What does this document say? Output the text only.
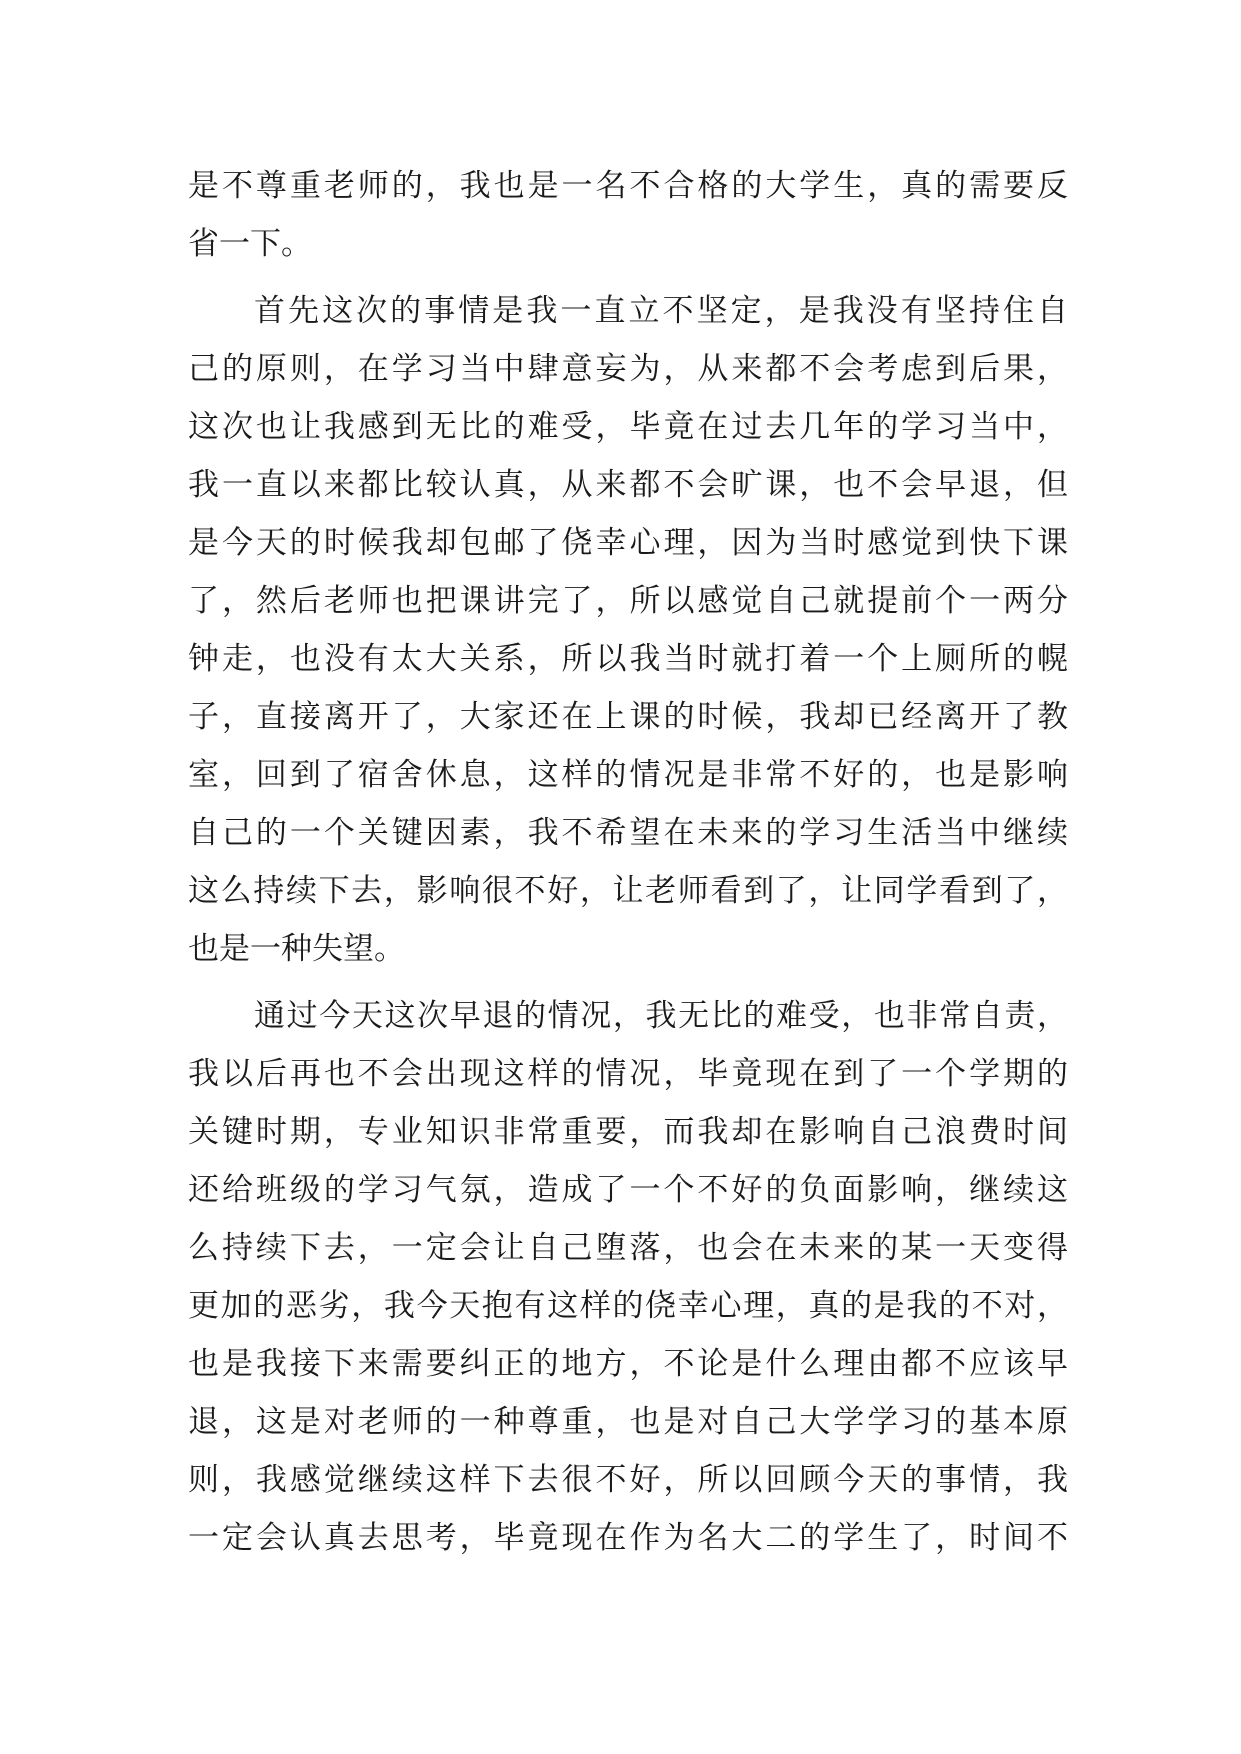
是不尊重老师的，我也是一名不合格的大学生，真的需要反
省一下。
首先这次的事情是我一直立不坚定，是我没有坚持住自
己的原则，在学习当中肆意妄为，从来都不会考虑到后果，
这次也让我感到无比的难受，毕竟在过去几年的学习当中，
我一直以来都比较认真，从来都不会旷课，也不会早退，但
是今天的时候我却包邮了侥幸心理，因为当时感觉到快下课
了，然后老师也把课讲完了，所以感觉自己就提前个一两分
钟走，也没有太大关系，所以我当时就打着一个上厕所的幌
子，直接离开了，大家还在上课的时候，我却已经离开了教
室，回到了宿舍休息，这样的情况是非常不好的，也是影响
自己的一个关键因素，我不希望在未来的学习生活当中继续
这么持续下去，影响很不好，让老师看到了，让同学看到了，
也是一种失望。
通过今天这次早退的情况，我无比的难受，也非常自责，
我以后再也不会出现这样的情况，毕竟现在到了一个学期的
关键时期，专业知识非常重要，而我却在影响自己浪费时间
还给班级的学习气氛，造成了一个不好的负面影响，继续这
么持续下去，一定会让自己堕落，也会在未来的某一天变得
更加的恶劣，我今天抱有这样的侥幸心理，真的是我的不对，
也是我接下来需要纠正的地方，不论是什么理由都不应该早
退，这是对老师的一种尊重，也是对自己大学学习的基本原
则，我感觉继续这样下去很不好，所以回顾今天的事情，我
一定会认真去思考，毕竟现在作为名大二的学生了，时间不
